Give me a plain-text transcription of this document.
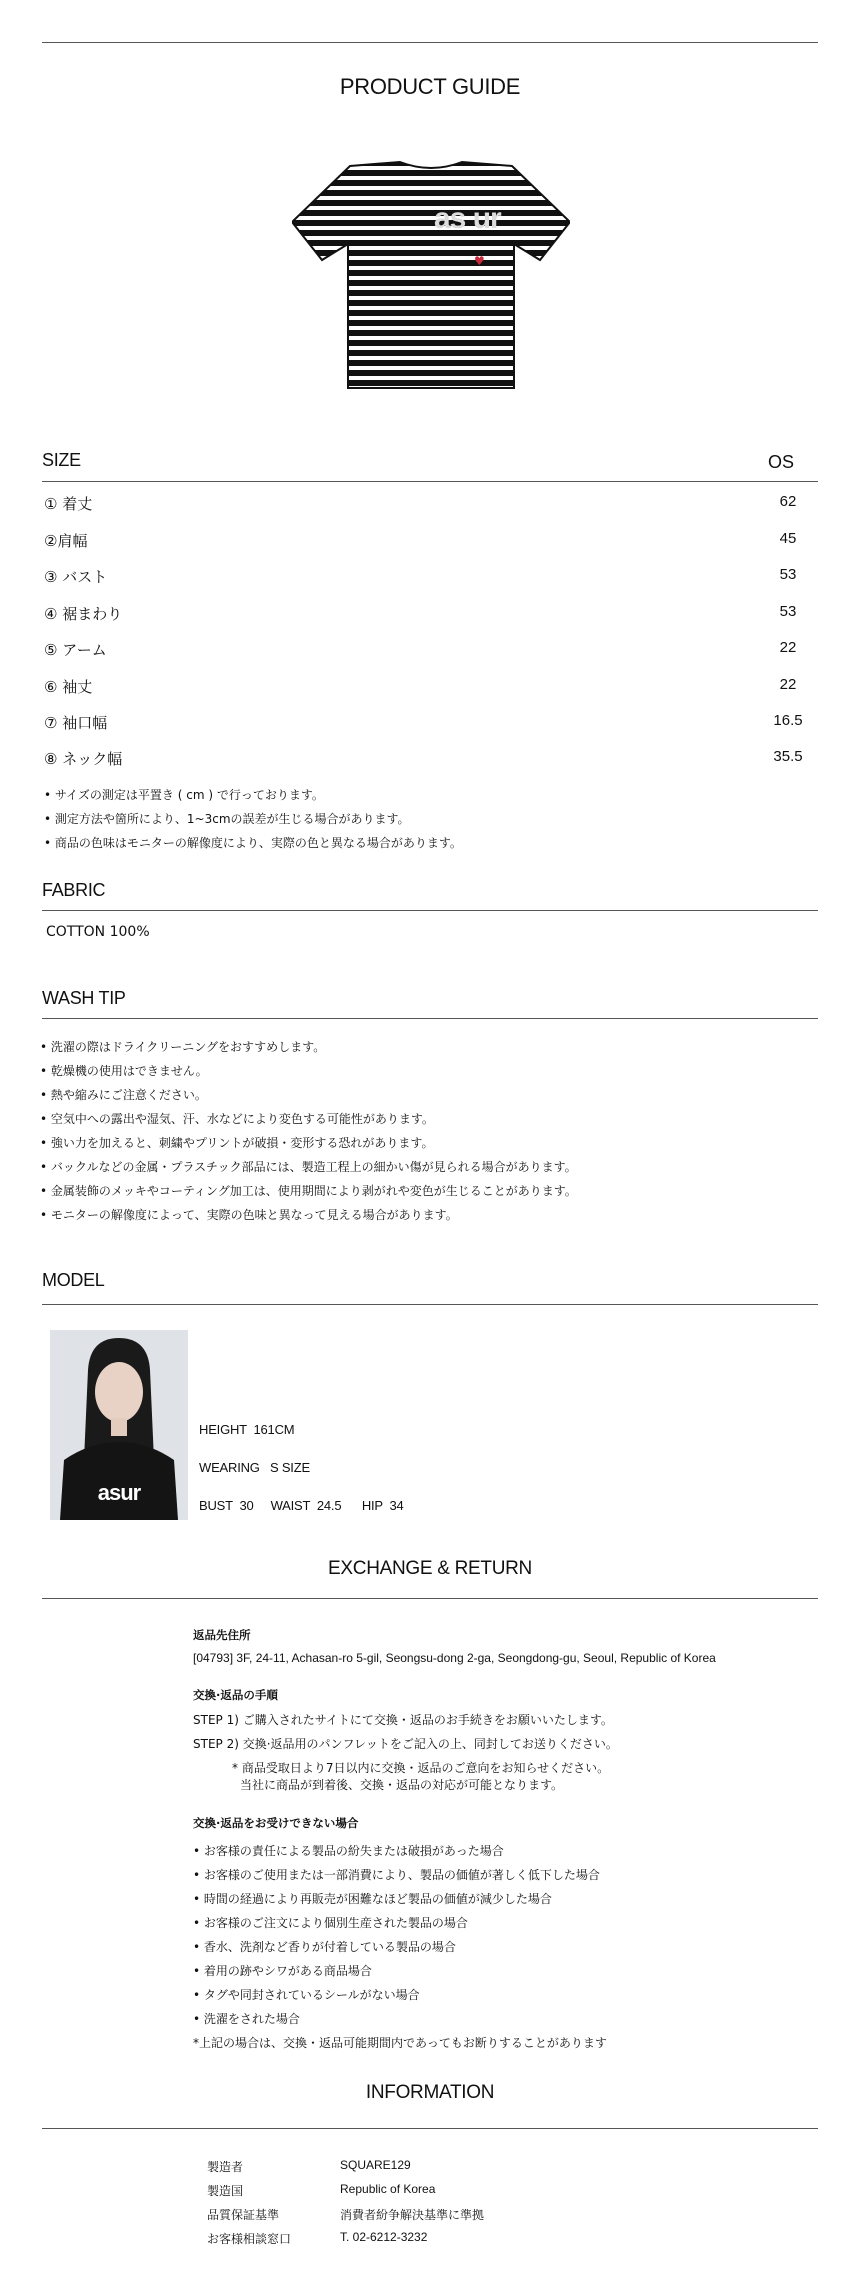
PRODUCT GUIDE
as ur
♥
SIZE	OS
① 着丈	62
②肩幅	45
③ バスト	53
④ 裾まわり	53
⑤ アーム	22
⑥ 袖丈	22
⑦ 袖口幅	16.5
⑧ ネック幅	35.5
• サイズの測定は平置き ( cm ) で行っております。
• 測定方法や箇所により、1~3cmの誤差が生じる場合があります。
• 商品の色味はモニターの解像度により、実際の色と異なる場合があります。
FABRIC
COTTON 100%
WASH TIP
• 洗濯の際はドライクリーニングをおすすめします。
• 乾燥機の使用はできません。
• 熱や縮みにご注意ください。
• 空気中への露出や湿気、汗、水などにより変色する可能性があります。
• 強い力を加えると、刺繍やプリントが破損・変形する恐れがあります。
• バックルなどの金属・プラスチック部品には、製造工程上の細かい傷が見られる場合があります。
• 金属装飾のメッキやコーティング加工は、使用期間により剥がれや変色が生じることがあります。
• モニターの解像度によって、実際の色味と異なって見える場合があります。
MODEL
asur
HEIGHT  161CM
WEARING   S SIZE
BUST  30     WAIST  24.5      HIP  34
EXCHANGE & RETURN
返品先住所
[04793] 3F, 24-11, Achasan-ro 5-gil, Seongsu-dong 2-ga, Seongdong-gu, Seoul, Republic of Korea
交換·返品の手順
STEP 1) ご購入されたサイトにて交換・返品のお手続きをお願いいたします。
STEP 2) 交換·返品用のパンフレットをご記入の上、同封してお送りください。
* 商品受取日より7日以内に交換・返品のご意向をお知らせください。
当社に商品が到着後、交換・返品の対応が可能となります。
交換·返品をお受けできない場合
• お客様の責任による製品の紛失または破損があった場合
• お客様のご使用または一部消費により、製品の価値が著しく低下した場合
• 時間の経過により再販売が困難なほど製品の価値が減少した場合
• お客様のご注文により個別生産された製品の場合
• 香水、洗剤など香りが付着している製品の場合
• 着用の跡やシワがある商品場合
• タグや同封されているシールがない場合
• 洗濯をされた場合
*上記の場合は、交換・返品可能期間内であってもお断りすることがあります
INFORMATION
製造者	SQUARE129
製造国	Republic of Korea
品質保証基準	消費者紛争解決基準に準拠
お客様相談窓口	T. 02-6212-3232
